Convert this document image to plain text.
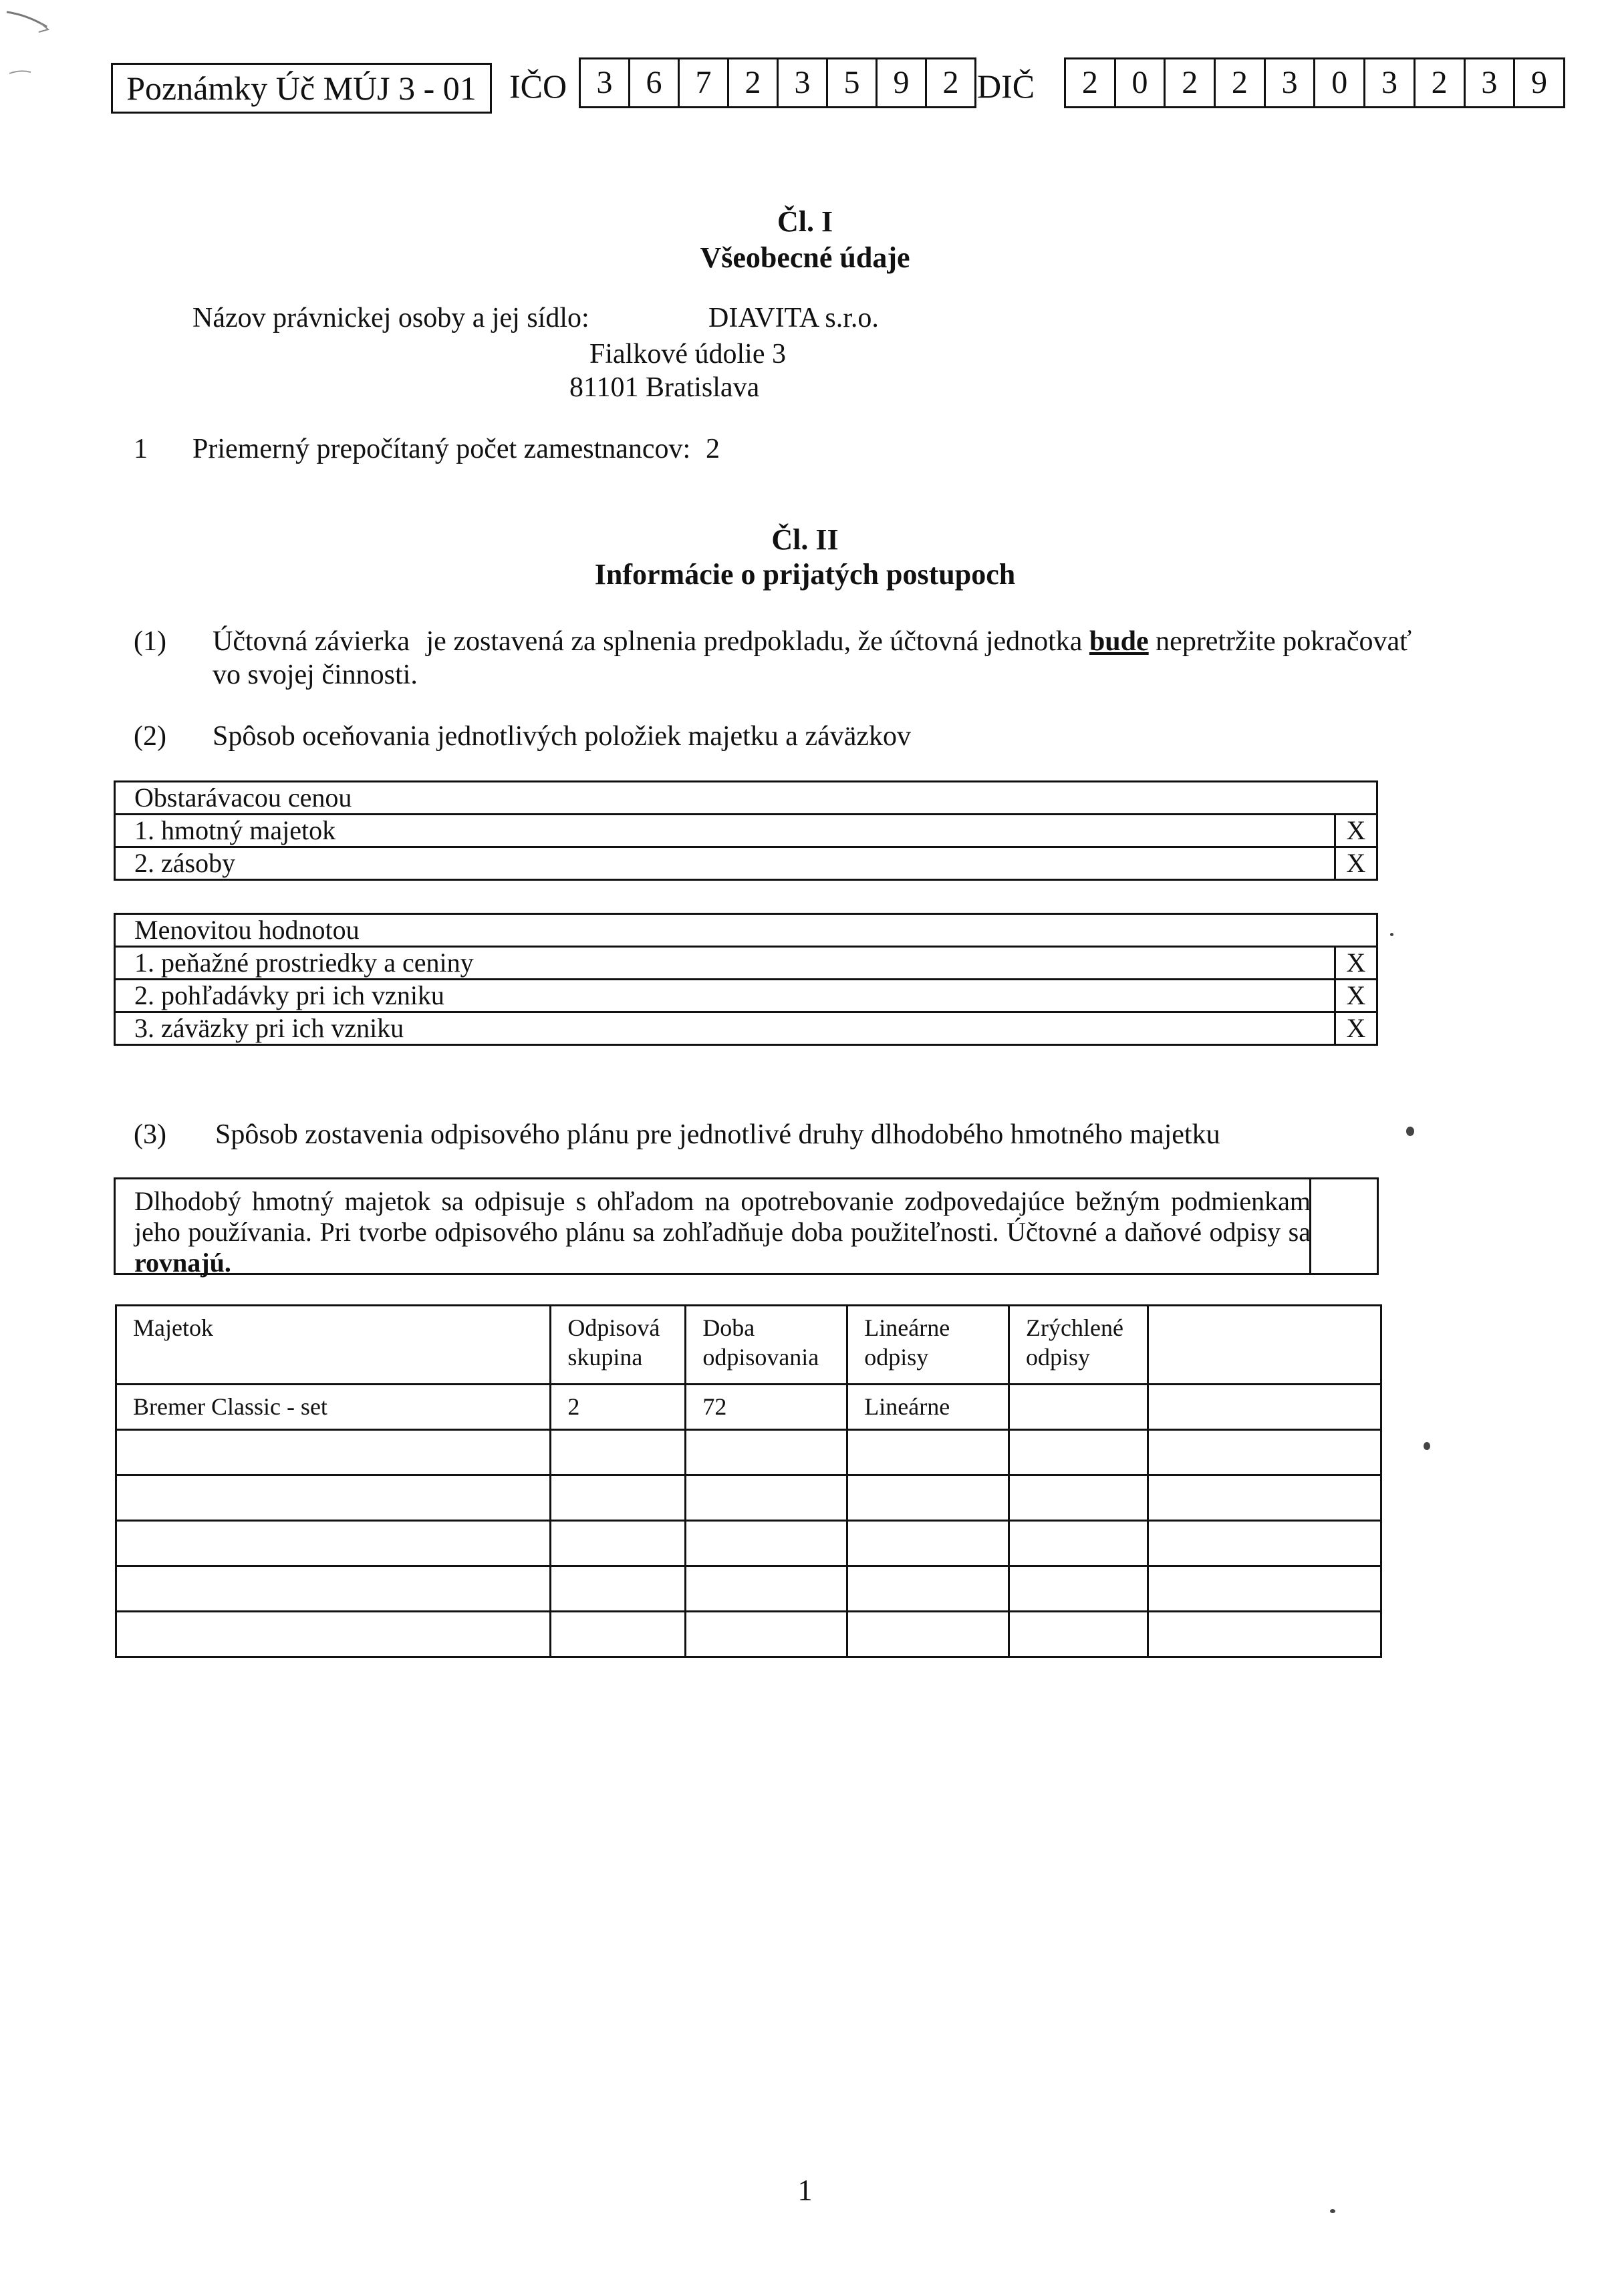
Poznámky Úč MÚJ 3 - 01 IČO 3	6	7	2	3	5	9	2 DIČ	2	0	2	2	3	0	3	2	3	9
Čl. I
Všeobecné údaje
Názov právnickej osoby a jej sídlo:	DIAVITA s.r.o.
Fialkové údolie 3
81101 Bratislava
1 Priemerný prepočítaný počet zamestnancov: 2
Čl. II
Informácie o prijatých postupoch
(1) Účtovná závierka je zostavená za splnenia predpokladu, že účtovná jednotka bude nepretržite pokračovať
vo svojej činnosti.
(2) Spôsob oceňovania jednotlivých položiek majetku a záväzkov
Obstarávacou cenou	
1. hmotný majetok	X
2. zásoby	X
Menovitou hodnotou	
1. peňažné prostriedky a ceniny	X
2. pohľadávky pri ich vzniku	X
3. záväzky pri ich vzniku	X
(3) Spôsob zostavenia odpisového plánu pre jednotlivé druhy dlhodobého hmotného majetku
Dlhodobý hmotný majetok sa odpisuje s ohľadom na opotrebovanie zodpovedajúce bežným podmienkam jeho používania. Pri tvorbe odpisového plánu sa zohľadňuje doba použiteľnosti. Účtovné a daňové odpisy sa rovnajú.
Majetok	Odpisová skupina	Doba odpisovania	Lineárne odpisy	Zrýchlené odpisy	
Bremer Classic - set	2	72	Lineárne		

1
